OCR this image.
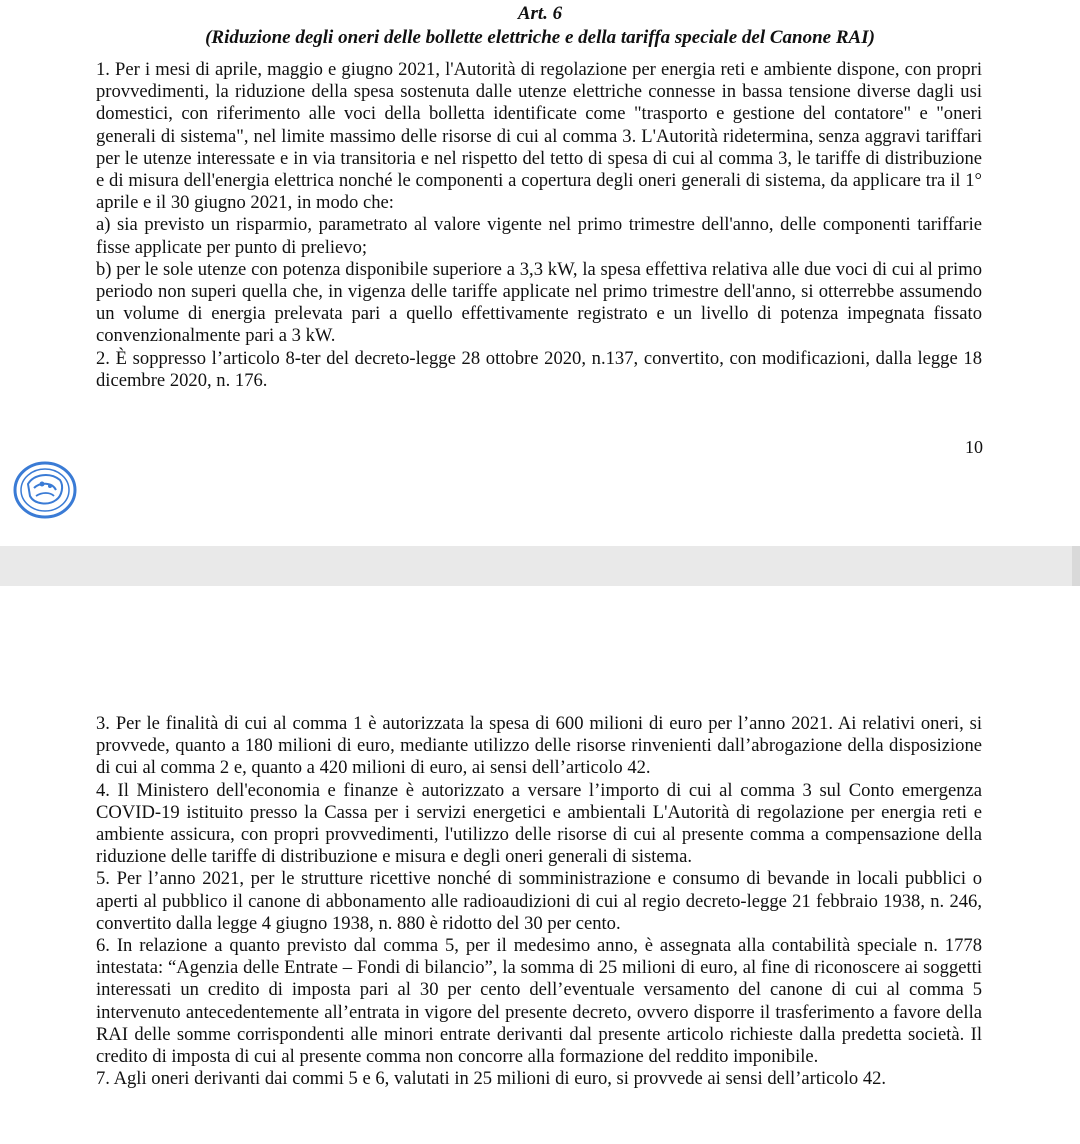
Art. 6
(Riduzione degli oneri delle bollette elettriche e della tariffa speciale del Canone RAI)

1. Per i mesi di aprile, maggio e giugno 2021, l'Autorità di regolazione per energia reti e ambiente dispone, con propri provvedimenti, la riduzione della spesa sostenuta dalle utenze elettriche connesse in bassa tensione diverse dagli usi domestici, con riferimento alle voci della bolletta identificate come "trasporto e gestione del contatore" e "oneri generali di sistema", nel limite massimo delle risorse di cui al comma 3. L'Autorità ridetermina, senza aggravi tariffari per le utenze interessate e in via transitoria e nel rispetto del tetto di spesa di cui al comma 3, le tariffe di distribuzione e di misura dell'energia elettrica nonché le componenti a copertura degli oneri generali di sistema, da applicare tra il 1° aprile e il 30 giugno 2021, in modo che:

a) sia previsto un risparmio, parametrato al valore vigente nel primo trimestre dell'anno, delle componenti tariffarie fisse applicate per punto di prelievo;

b) per le sole utenze con potenza disponibile superiore a 3,3 kW, la spesa effettiva relativa alle due voci di cui al primo periodo non superi quella che, in vigenza delle tariffe applicate nel primo trimestre dell'anno, si otterrebbe assumendo un volume di energia prelevata pari a quello effettivamente registrato e un livello di potenza impegnata fissato convenzionalmente pari a 3 kW.

2. È soppresso l’articolo 8-ter del decreto-legge 28 ottobre 2020, n.137, convertito, con modificazioni, dalla legge 18 dicembre 2020, n. 176.

10

3. Per le finalità di cui al comma 1 è autorizzata la spesa di 600 milioni di euro per l’anno 2021. Ai relativi oneri, si provvede, quanto a 180 milioni di euro, mediante utilizzo delle risorse rinvenienti dall’abrogazione della disposizione di cui al comma 2 e, quanto a 420 milioni di euro, ai sensi dell’articolo 42.

4. Il Ministero dell'economia e finanze è autorizzato a versare l’importo di cui al comma 3 sul Conto emergenza COVID-19 istituito presso la Cassa per i servizi energetici e ambientali L'Autorità di regolazione per energia reti e ambiente assicura, con propri provvedimenti, l'utilizzo delle risorse di cui al presente comma a compensazione della riduzione delle tariffe di distribuzione e misura e degli oneri generali di sistema.

5. Per l’anno 2021, per le strutture ricettive nonché di somministrazione e consumo di bevande in locali pubblici o aperti al pubblico il canone di abbonamento alle radioaudizioni di cui al regio decreto-legge 21 febbraio 1938, n. 246, convertito dalla legge 4 giugno 1938, n. 880 è ridotto del 30 per cento.

6. In relazione a quanto previsto dal comma 5, per il medesimo anno, è assegnata alla contabilità speciale n. 1778 intestata: “Agenzia delle Entrate – Fondi di bilancio”, la somma di 25 milioni di euro, al fine di riconoscere ai soggetti interessati un credito di imposta pari al 30 per cento dell’eventuale versamento del canone di cui al comma 5 intervenuto antecedentemente all’entrata in vigore del presente decreto, ovvero disporre il trasferimento a favore della RAI delle somme corrispondenti alle minori entrate derivanti dal presente articolo richieste dalla predetta società. Il credito di imposta di cui al presente comma non concorre alla formazione del reddito imponibile.

7. Agli oneri derivanti dai commi 5 e 6, valutati in 25 milioni di euro, si provvede ai sensi dell’articolo 42.
